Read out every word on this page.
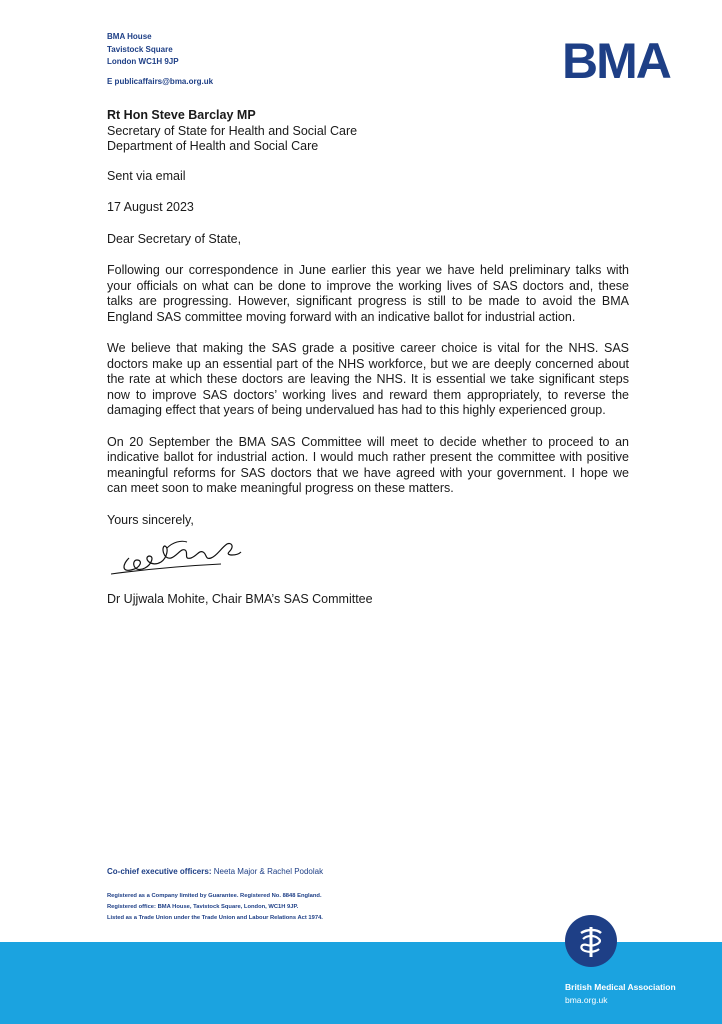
BMA House
Tavistock Square
London WC1H 9JP
E publicaffairs@bma.org.uk	BMA
Rt Hon Steve Barclay MP
Secretary of State for Health and Social Care
Department of Health and Social Care
Sent via email
17 August 2023
Dear Secretary of State,
Following our correspondence in June earlier this year we have held preliminary talks with your officials on what can be done to improve the working lives of SAS doctors and, these talks are progressing. However, significant progress is still to be made to avoid the BMA England SAS committee moving forward with an indicative ballot for industrial action.
We believe that making the SAS grade a positive career choice is vital for the NHS. SAS doctors make up an essential part of the NHS workforce, but we are deeply concerned about the rate at which these doctors are leaving the NHS. It is essential we take significant steps now to improve SAS doctors’ working lives and reward them appropriately, to reverse the damaging effect that years of being undervalued has had to this highly experienced group.
On 20 September the BMA SAS Committee will meet to decide whether to proceed to an indicative ballot for industrial action. I would much rather present the committee with positive meaningful reforms for SAS doctors that we have agreed with your government. I hope we can meet soon to make meaningful progress on these matters.
Yours sincerely,
Dr Ujjwala Mohite, Chair BMA’s SAS Committee
Co-chief executive officers: Neeta Major & Rachel Podolak
Registered as a Company limited by Guarantee. Registered No. 8848 England.
Registered office: BMA House, Tavistock Square, London, WC1H 9JP.
Listed as a Trade Union under the Trade Union and Labour Relations Act 1974.
British Medical Association
bma.org.uk
